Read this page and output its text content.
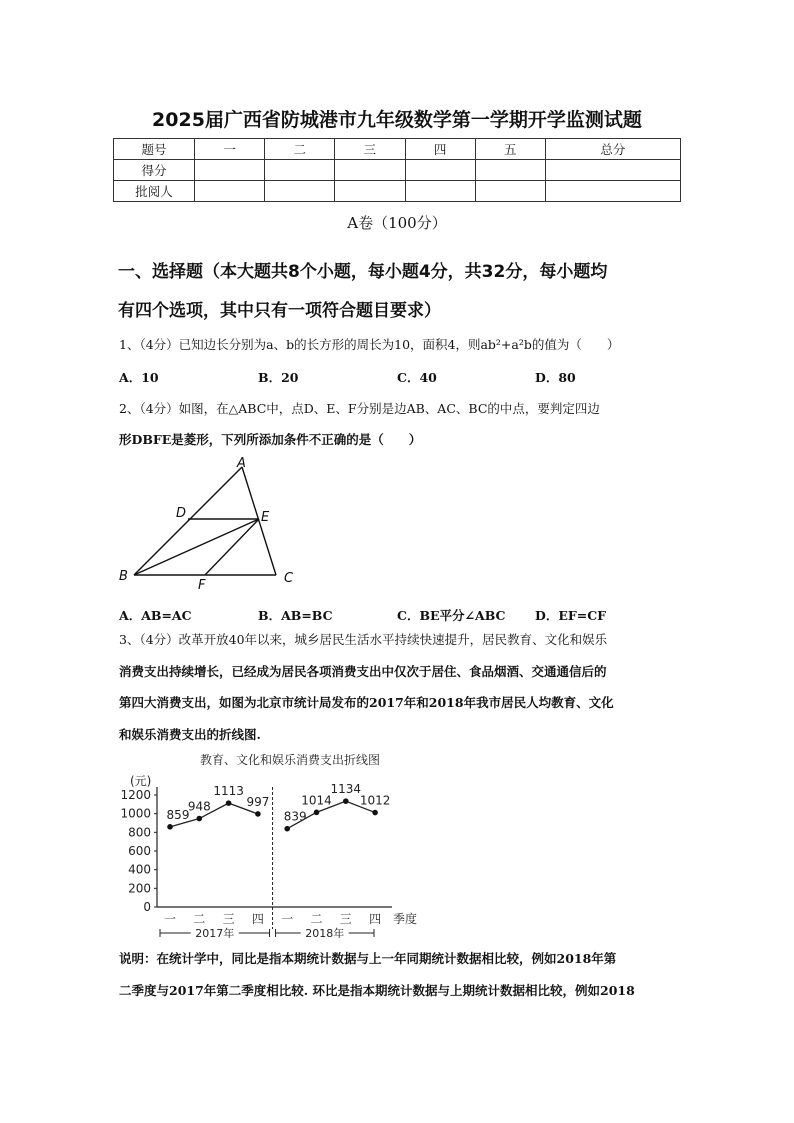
2025届广西省防城港市九年级数学第一学期开学监测试题
题号	一	二	三	四	五	总分
得分						
批阅人						
A卷（100分）
一、选择题（本大题共8个小题，每小题4分，共32分，每小题均
有四个选项，其中只有一项符合题目要求）
1、（4分）已知边长分别为a、b的长方形的周长为10，面积4，则ab²+a²b的值为（　　）
A．10	B．20	C．40	D．80
2、（4分）如图，在△ABC中，点D、E、F分别是边AB、AC、BC的中点，要判定四边
形DBFE是菱形，下列所添加条件不正确的是（　　）
A
D	E
B
F	C
A．AB=AC	B．AB=BC	C．BE平分∠ABC D．EF=CF
3、（4分）改革开放40年以来，城乡居民生活水平持续快速提升，居民教育、文化和娱乐
消费支出持续增长，已经成为居民各项消费支出中仅次于居住、食品烟酒、交通通信后的
第四大消费支出，如图为北京市统计局发布的2017年和2018年我市居民人均教育、文化
和娱乐消费支出的折线图.
教育、文化和娱乐消费支出折线图
(元)
季度
0
200
400
600
800
1000
1200
一 二 三 四 一 二 三 四
2017年	2018年
859
948
1113
997
839
1014
1134
1012
说明：在统计学中，同比是指本期统计数据与上一年同期统计数据相比较，例如2018年第
二季度与2017年第二季度相比较. 环比是指本期统计数据与上期统计数据相比较，例如2018
